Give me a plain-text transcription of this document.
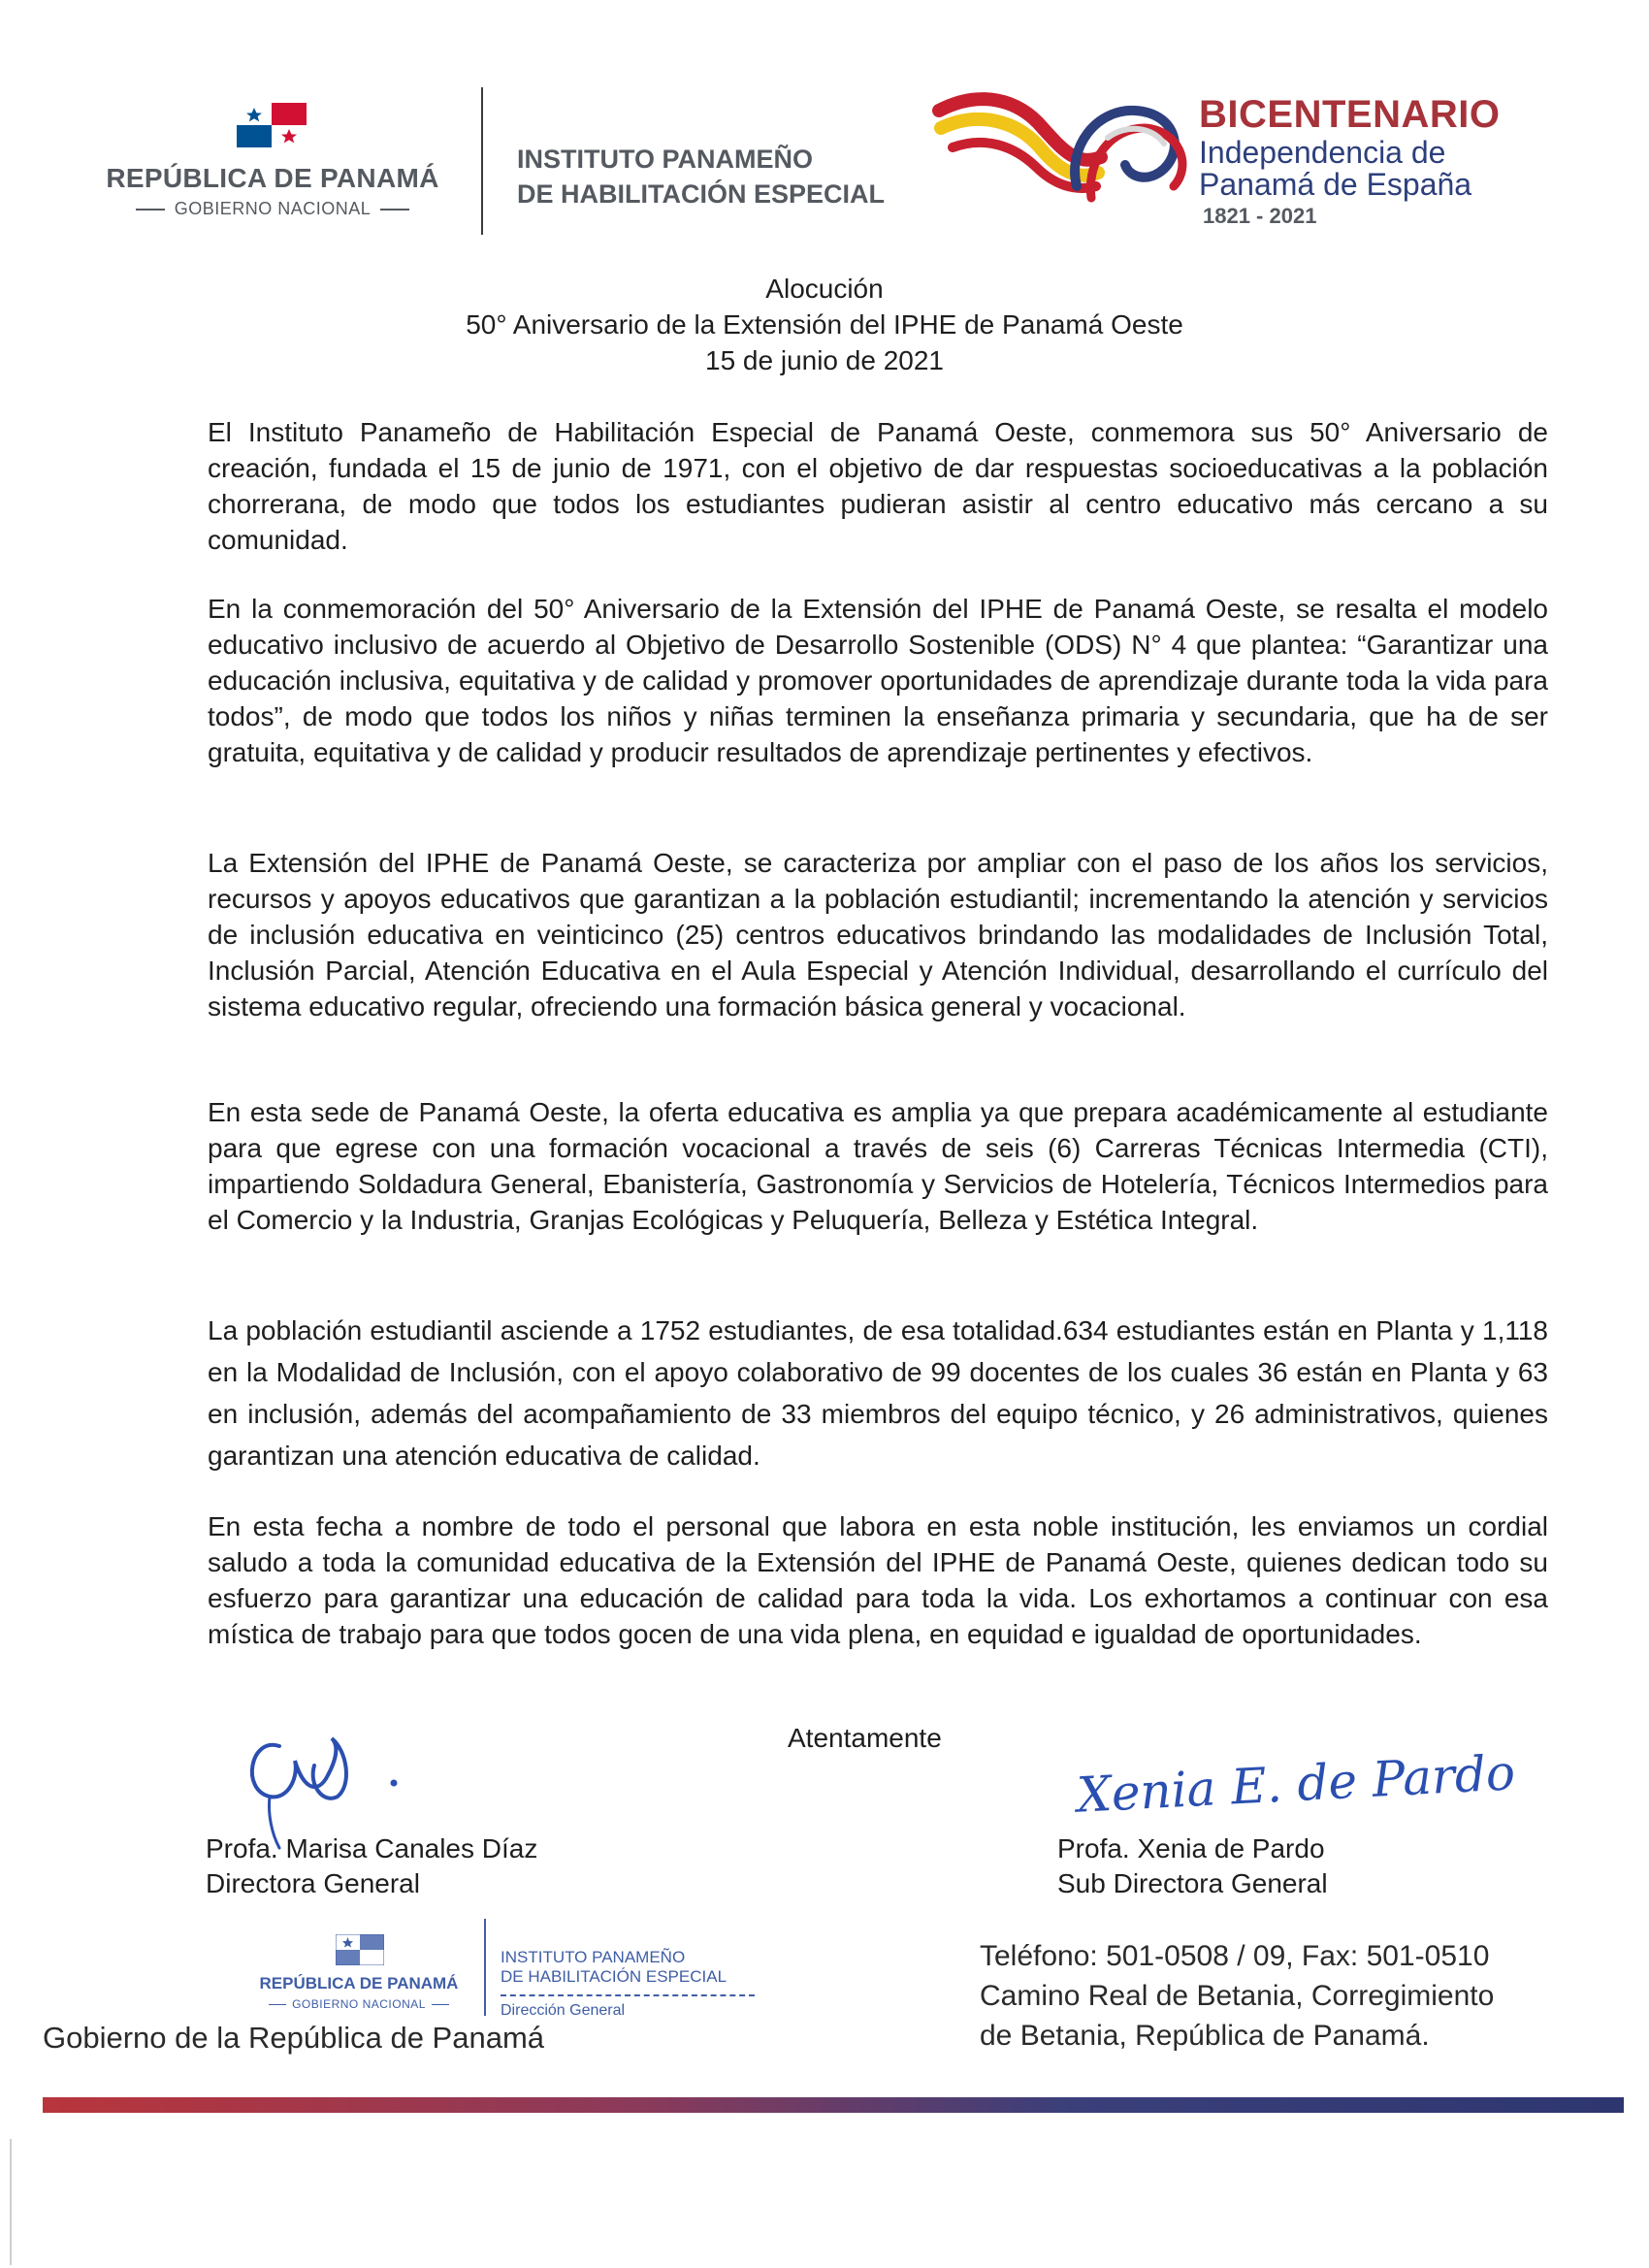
REPÚBLICA DE PANAMÁ
GOBIERNO NACIONAL
INSTITUTO PANAMEÑO
DE HABILITACIÓN ESPECIAL
BICENTENARIO
Independencia de
Panamá de España
1821 - 2021
Alocución
50° Aniversario de la Extensión del IPHE de Panamá Oeste
15 de junio de 2021
El Instituto Panameño de Habilitación Especial de Panamá Oeste, conmemora sus 50° Aniversario de creación, fundada el 15 de junio de 1971, con el objetivo de dar respuestas socioeducativas a la población chorrerana, de modo que todos los estudiantes pudieran asistir al centro educativo más cercano a su comunidad.
En la conmemoración del 50° Aniversario de la Extensión del IPHE de Panamá Oeste, se resalta el modelo educativo inclusivo de acuerdo al Objetivo de Desarrollo Sostenible (ODS) N° 4 que plantea: “Garantizar una educación inclusiva, equitativa y de calidad y promover oportunidades de aprendizaje durante toda la vida para todos”, de modo que todos los niños y niñas terminen la enseñanza primaria y secundaria, que ha de ser gratuita, equitativa y de calidad y producir resultados de aprendizaje pertinentes y efectivos.
La Extensión del IPHE de Panamá Oeste, se caracteriza por ampliar con el paso de los años los servicios, recursos y apoyos educativos que garantizan a la población estudiantil; incrementando la atención y servicios de inclusión educativa en veinticinco (25) centros educativos brindando las modalidades de Inclusión Total, Inclusión Parcial, Atención Educativa en el Aula Especial y Atención Individual, desarrollando el currículo del sistema educativo regular, ofreciendo una formación básica general y vocacional.
En esta sede de Panamá Oeste, la oferta educativa es amplia ya que prepara académicamente al estudiante para que egrese con una formación vocacional a través de seis (6) Carreras Técnicas Intermedia (CTI), impartiendo Soldadura General, Ebanistería, Gastronomía y Servicios de Hotelería, Técnicos Intermedios para el Comercio y la Industria, Granjas Ecológicas y Peluquería, Belleza y Estética Integral.
La población estudiantil asciende a 1752 estudiantes, de esa totalidad.634 estudiantes están en Planta y 1,118 en la Modalidad de Inclusión, con el apoyo colaborativo de 99 docentes de los cuales 36 están en Planta y 63 en inclusión, además del acompañamiento de 33 miembros del equipo técnico, y 26 administrativos, quienes garantizan una atención educativa de calidad.
En esta fecha a nombre de todo el personal que labora en esta noble institución, les enviamos un cordial saludo a toda la comunidad educativa de la Extensión del IPHE de Panamá Oeste, quienes dedican todo su esfuerzo para garantizar una educación de calidad para toda la vida. Los exhortamos a continuar con esa mística de trabajo para que todos gocen de una vida plena, en equidad e igualdad de oportunidades.
Atentamente
Profa. Marisa Canales Díaz
Directora General
Xenia E. de Pardo
Profa. Xenia de Pardo
Sub Directora General
REPÚBLICA DE PANAMÁ
GOBIERNO NACIONAL
INSTITUTO PANAMEÑO
DE HABILITACIÓN ESPECIAL
Dirección General
Gobierno de la República de Panamá
Teléfono: 501-0508 / 09, Fax: 501-0510
Camino Real de Betania, Corregimiento
de Betania, República de Panamá.
